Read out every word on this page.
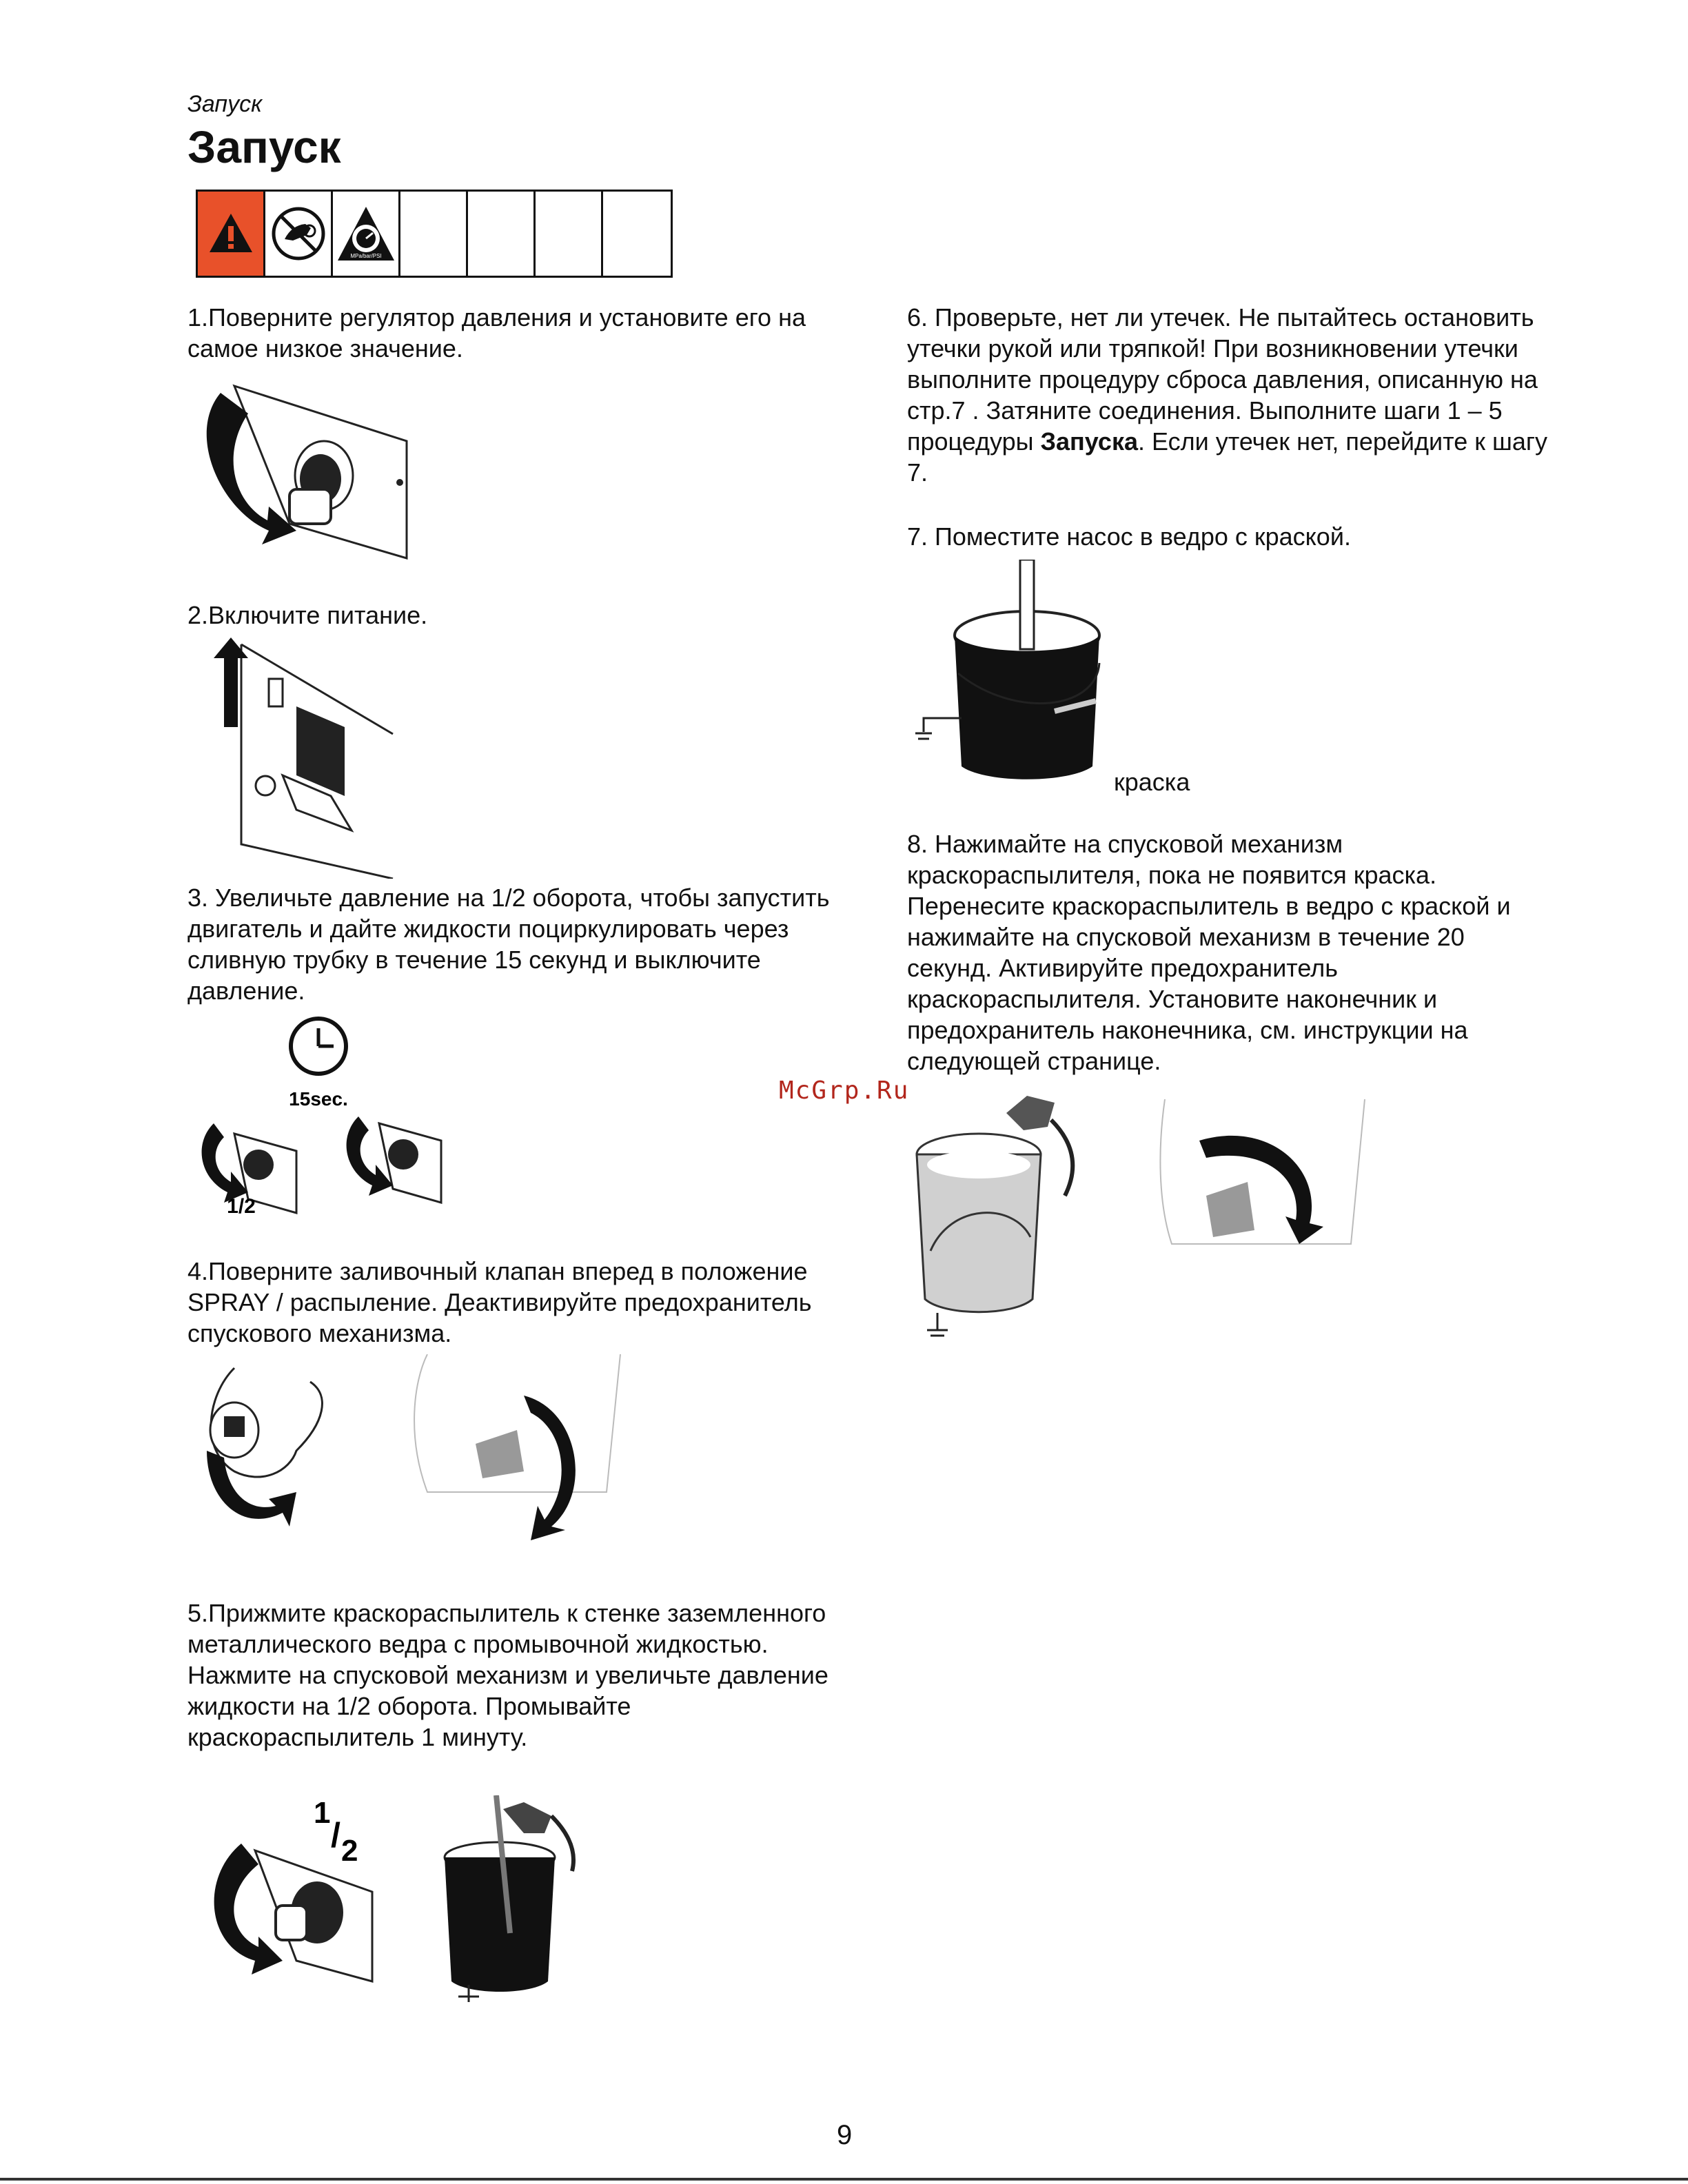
Запуск
Запуск
MPa/bar/PSI
1.Поверните регулятор давления и установите его на самое низкое значение.
2.Включите питание.
3. Увеличьте давление на 1/2 оборота, чтобы запустить двигатель и дайте жидкости поциркулировать через сливную трубку в течение 15 секунд и выключите давление.
15sec.
1/2
4.Поверните заливочный клапан вперед в положение SPRAY / распыление. Деактивируйте предохранитель спускового механизма.
5.Прижмите краскораспылитель к стенке заземленного металлического ведра с промывочной жидкостью. Нажмите на спусковой механизм и увеличьте давление жидкости на 1/2 оборота. Промывайте краскораспылитель 1 минуту.
1
/ 2
6. Проверьте, нет ли утечек. Не пытайтесь остановить утечки рукой или тряпкой! При возникновении утечки выполните процедуру сброса давления, описанную на стр.7 . Затяните соединения. Выполните шаги 1 – 5 процедуры Запуска. Если утечек нет, перейдите к шагу 7.
7. Поместите насос в ведро с краской.
краска
8. Нажимайте на спусковой механизм краскораспылителя, пока не появится краска. Перенесите краскораспылитель в ведро с краской и нажимайте на спусковой механизм в течение 20 секунд. Активируйте предохранитель краскораспылителя. Установите наконечник и предохранитель наконечника, см. инструкции на следующей странице.
McGrp.Ru
9
